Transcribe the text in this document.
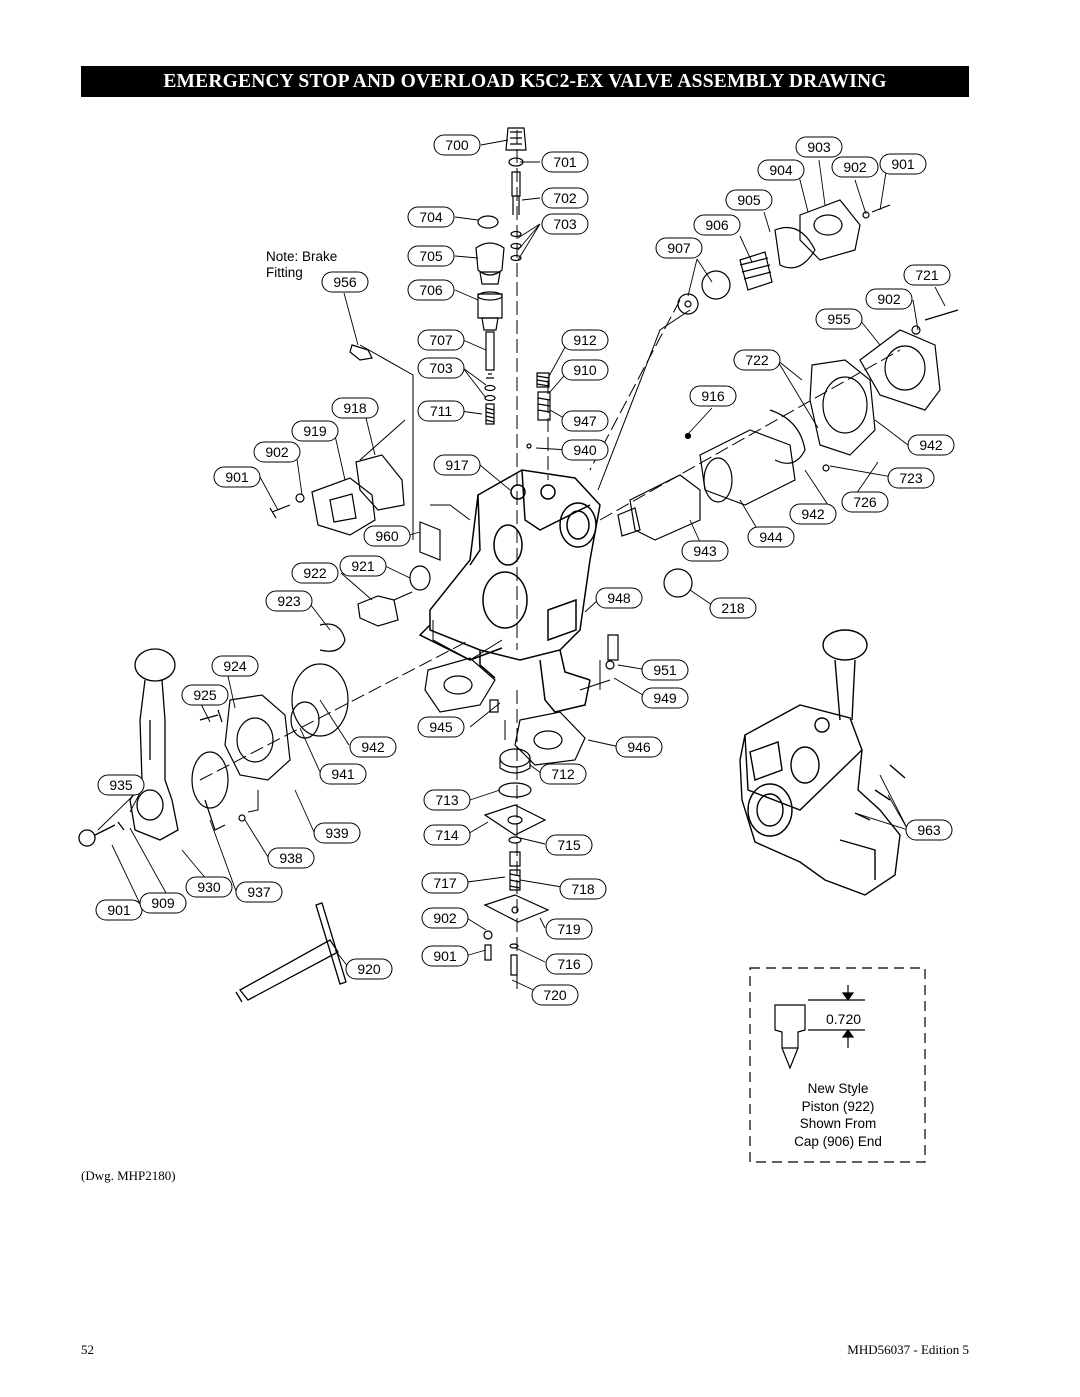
EMERGENCY STOP AND OVERLOAD K5C2-EX VALVE ASSEMBLY DRAWING
700
701
702
703
704
705
706
707
703
711
912
910
947
940
917
956
918
919
902
901
960
921
922
923
924
925
942
941
935
939
938
930 937
901 909
920
903
904	902 901
905
906
907
721
902
955
722
916
942
723
942
726
944
943
948
218
951
949
945
946
712
713
714
715
717	718
902
719
901	716
720
963
0.720
Note: Brake
Fitting
New Style
Piston (922)
Shown From
Cap (906) End
(Dwg. MHP2180)
52	MHD56037 - Edition 5
